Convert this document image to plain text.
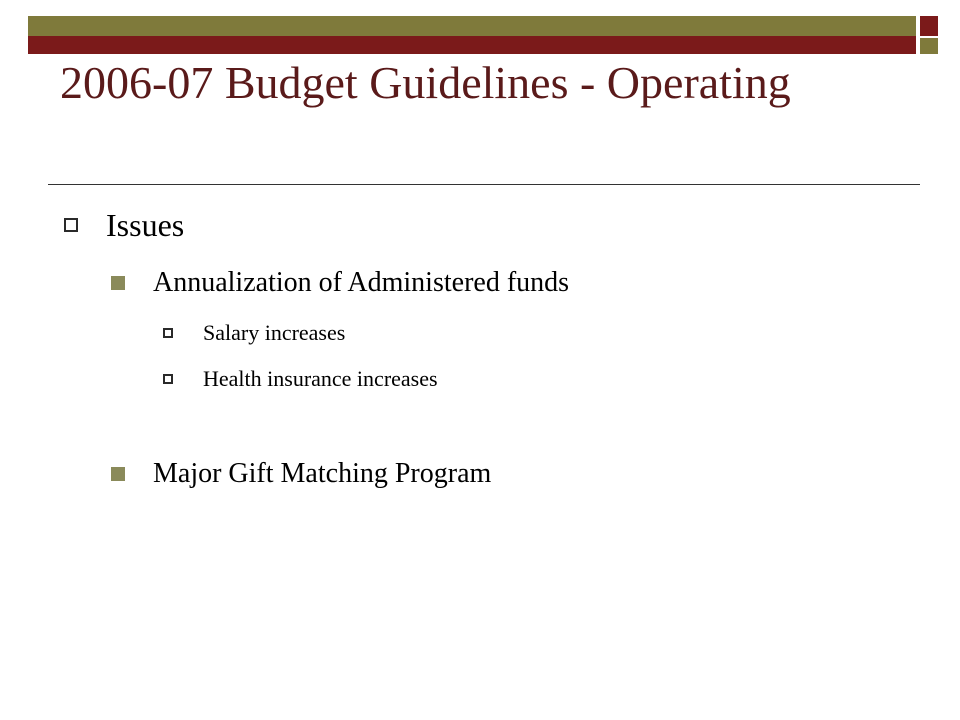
2006-07 Budget Guidelines - Operating
Issues
Annualization of Administered funds
Salary increases
Health insurance increases
Major Gift Matching Program
